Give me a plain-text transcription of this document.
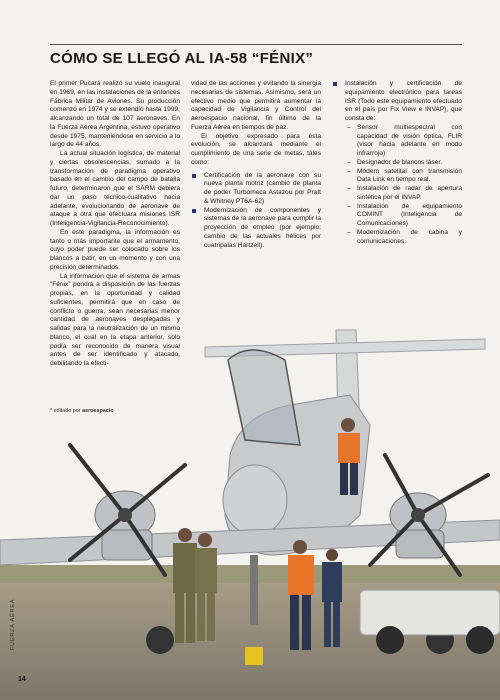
CÓMO SE LLEGÓ AL IA-58 “FÉNIX”

El primer Pucará realizó su vuelo inaugural en 1969, en las instalaciones de la entonces Fábrica Militar de Aviones. Su producción comenzó en 1974 y se extendió hasta 1999, alcanzando un total de 107 aeronaves. En la Fuerza Aérea Argentina, estuvo operativo desde 1975, manteniéndose en servicio a lo largo de 44 años.

La actual situación logística, de material y ciertas obsolescencias, sumado a la transformación de paradigma operativo basado en el cambio del campo de batalla futuro, determinaron que el SARM debiera dar un paso técnico-cualitativo hacia adelante, evolucionando de aeronave de ataque a otra que efectuara misiones ISR (Inteligencia-Vigilancia-Reconocimiento).

En este paradigma, la información es tanto o más importante que el armamento, cuyo poder puede ser colocado sobre los blancos a batir, en un momento y con una precisión determinados.

La información que el sistema de armas “Fénix” pondrá a disposición de las fuerzas propias, en la oportunidad y calidad suficientes, permitirá que en caso de conflicto o guerra, sean necesarias menor cantidad de aeronaves desplegadas y salidas para la neutralización de un mismo blanco, el cual en la etapa anterior, solo podía ser reconocido de manera visual antes de ser identificado y atacado, debilitando la efecti-

vidad de las acciones y evitando la sinergia necesarias de sistemas. Asimismo, será un efectivo medio que permitirá aumentar la capacidad de Vigilancia y Control del aeroespacio nacional, fin último de la Fuerza Aérea en tiempos de paz.

El objetivo expresado para esta evolución, se alcanzará mediante el cumplimiento de una serie de metas, tales como:

Certificación de la aeronave con su nueva planta motriz (cambio de planta de poder Turbomeca Astazou por Pratt & Whitney PT6A-62)
Modernización de componentes y sistemas de la aeronave para cumplir la proyección de empleo (por ejemplo: cambio de las actuales hélices por cuatripalas Hartzell).
Instalación y certificación de equipamiento electrónico para tareas ISR (Todo este equipamiento efectuado en el país por Fix View e INVAP), que consta de:
– Sensor multiespectral con capacidad de visión óptica, FLIR (visor hacia adelante en modo infrarrojo)
– Designador de blancos láser.
– Módem satelital con transmisión Data Link en tiempo real.
– Instalación de radar de apertura sintética por el INVAP.
– Instalación de equipamiento COMINT (Inteligencia de Comunicaciones)
– Modernización de cabina y comunicaciones.
* editado por aeroespacio
FUERZA AÉREA
14
